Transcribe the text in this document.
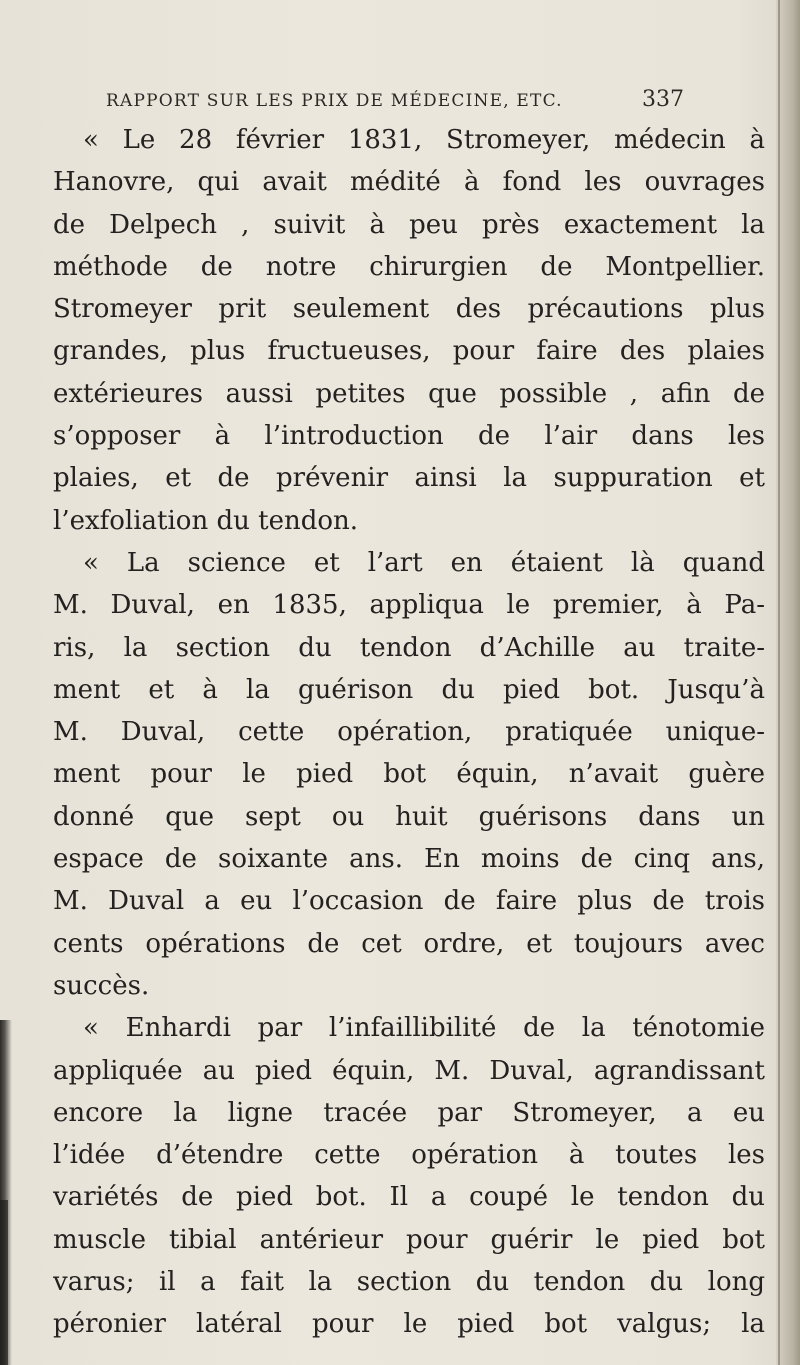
RAPPORT SUR LES PRIX DE MÉDECINE, ETC.	337
« Le 28 février 1831, Stromeyer, médecin à
Hanovre, qui avait médité à fond les ouvrages
de Delpech , suivit à peu près exactement la
méthode de notre chirurgien de Montpellier.
Stromeyer prit seulement des précautions plus
grandes, plus fructueuses, pour faire des plaies
extérieures aussi petites que possible , afin de
s’opposer à l’introduction de l’air dans les
plaies, et de prévenir ainsi la suppuration et
l’exfoliation du tendon.
« La science et l’art en étaient là quand
M. Duval, en 1835, appliqua le premier, à Pa-
ris, la section du tendon d’Achille au traite-
ment et à la guérison du pied bot. Jusqu’à
M. Duval, cette opération, pratiquée unique-
ment pour le pied bot équin, n’avait guère
donné que sept ou huit guérisons dans un
espace de soixante ans. En moins de cinq ans,
M. Duval a eu l’occasion de faire plus de trois
cents opérations de cet ordre, et toujours avec
succès.
« Enhardi par l’infaillibilité de la ténotomie
appliquée au pied équin, M. Duval, agrandissant
encore la ligne tracée par Stromeyer, a eu
l’idée d’étendre cette opération à toutes les
variétés de pied bot. Il a coupé le tendon du
muscle tibial antérieur pour guérir le pied bot
varus; il a fait la section du tendon du long
péronier latéral pour le pied bot valgus; la
